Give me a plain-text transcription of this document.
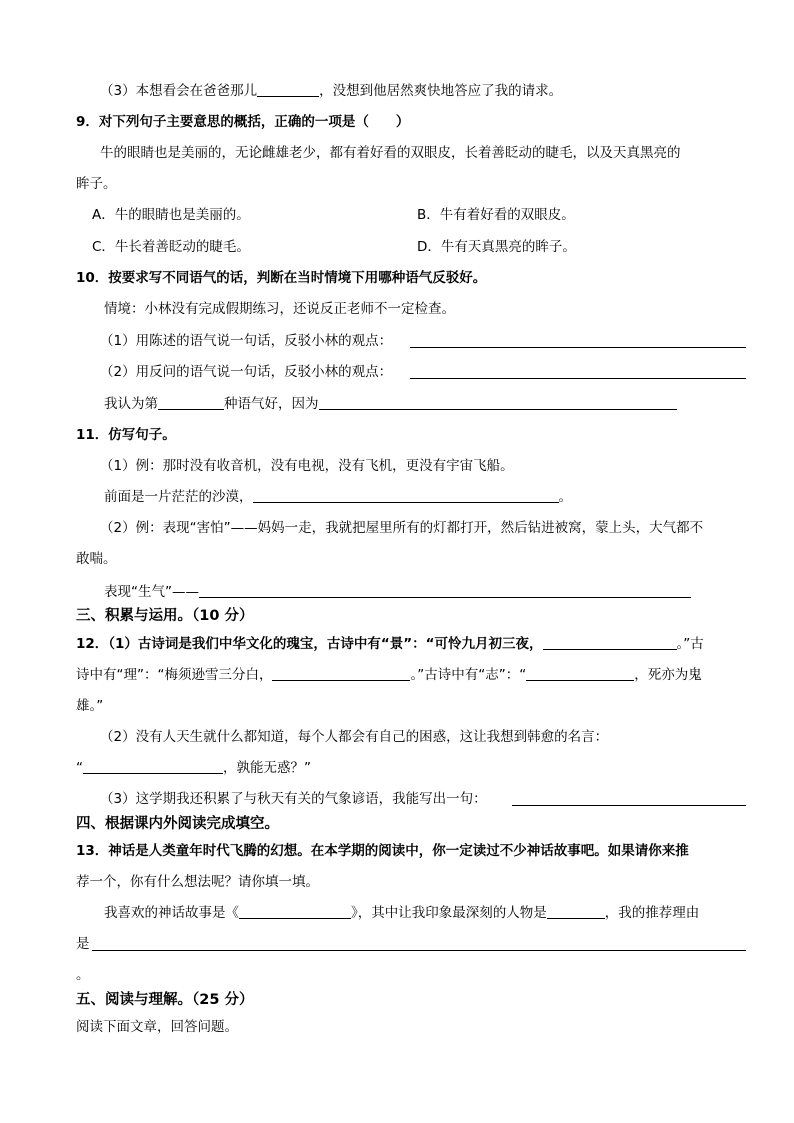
（3）本想看会在爸爸那儿	，没想到他居然爽快地答应了我的请求。
9．对下列句子主要意思的概括，正确的一项是（　　）
牛的眼睛也是美丽的，无论雌雄老少，都有着好看的双眼皮，长着善眨动的睫毛，以及天真黑亮的
眸子。
A．牛的眼睛也是美丽的。	B．牛有着好看的双眼皮。
C．牛长着善眨动的睫毛。	D．牛有天真黑亮的眸子。
10．按要求写不同语气的话，判断在当时情境下用哪种语气反驳好。
情境：小林没有完成假期练习，还说反正老师不一定检查。
（1）用陈述的语气说一句话，反驳小林的观点：
（2）用反问的语气说一句话，反驳小林的观点：
我认为第	种语气好，因为
11．仿写句子。
（1）例：那时没有收音机，没有电视，没有飞机，更没有宇宙飞船。
前面是一片茫茫的沙漠，	。
（2）例：表现“害怕”——妈妈一走，我就把屋里所有的灯都打开，然后钻进被窝，蒙上头，大气都不
敢喘。
表现“生气”——
三、积累与运用。（10 分）
12．（1）古诗词是我们中华文化的瑰宝，古诗中有“景”：“可怜九月初三夜，	。”古
诗中有“理”：“梅须逊雪三分白，	。”古诗中有“志”：“	，死亦为鬼
雄。”
（2）没有人天生就什么都知道，每个人都会有自己的困惑，这让我想到韩愈的名言：
“	，孰能无惑？”
（3）这学期我还积累了与秋天有关的气象谚语，我能写出一句：
四、根据课内外阅读完成填空。
13．神话是人类童年时代飞腾的幻想。在本学期的阅读中，你一定读过不少神话故事吧。如果请你来推
荐一个，你有什么想法呢？请你填一填。
我喜欢的神话故事是《	》，其中让我印象最深刻的人物是	，我的推荐理由
是
。
五、阅读与理解。（25 分）
阅读下面文章，回答问题。
